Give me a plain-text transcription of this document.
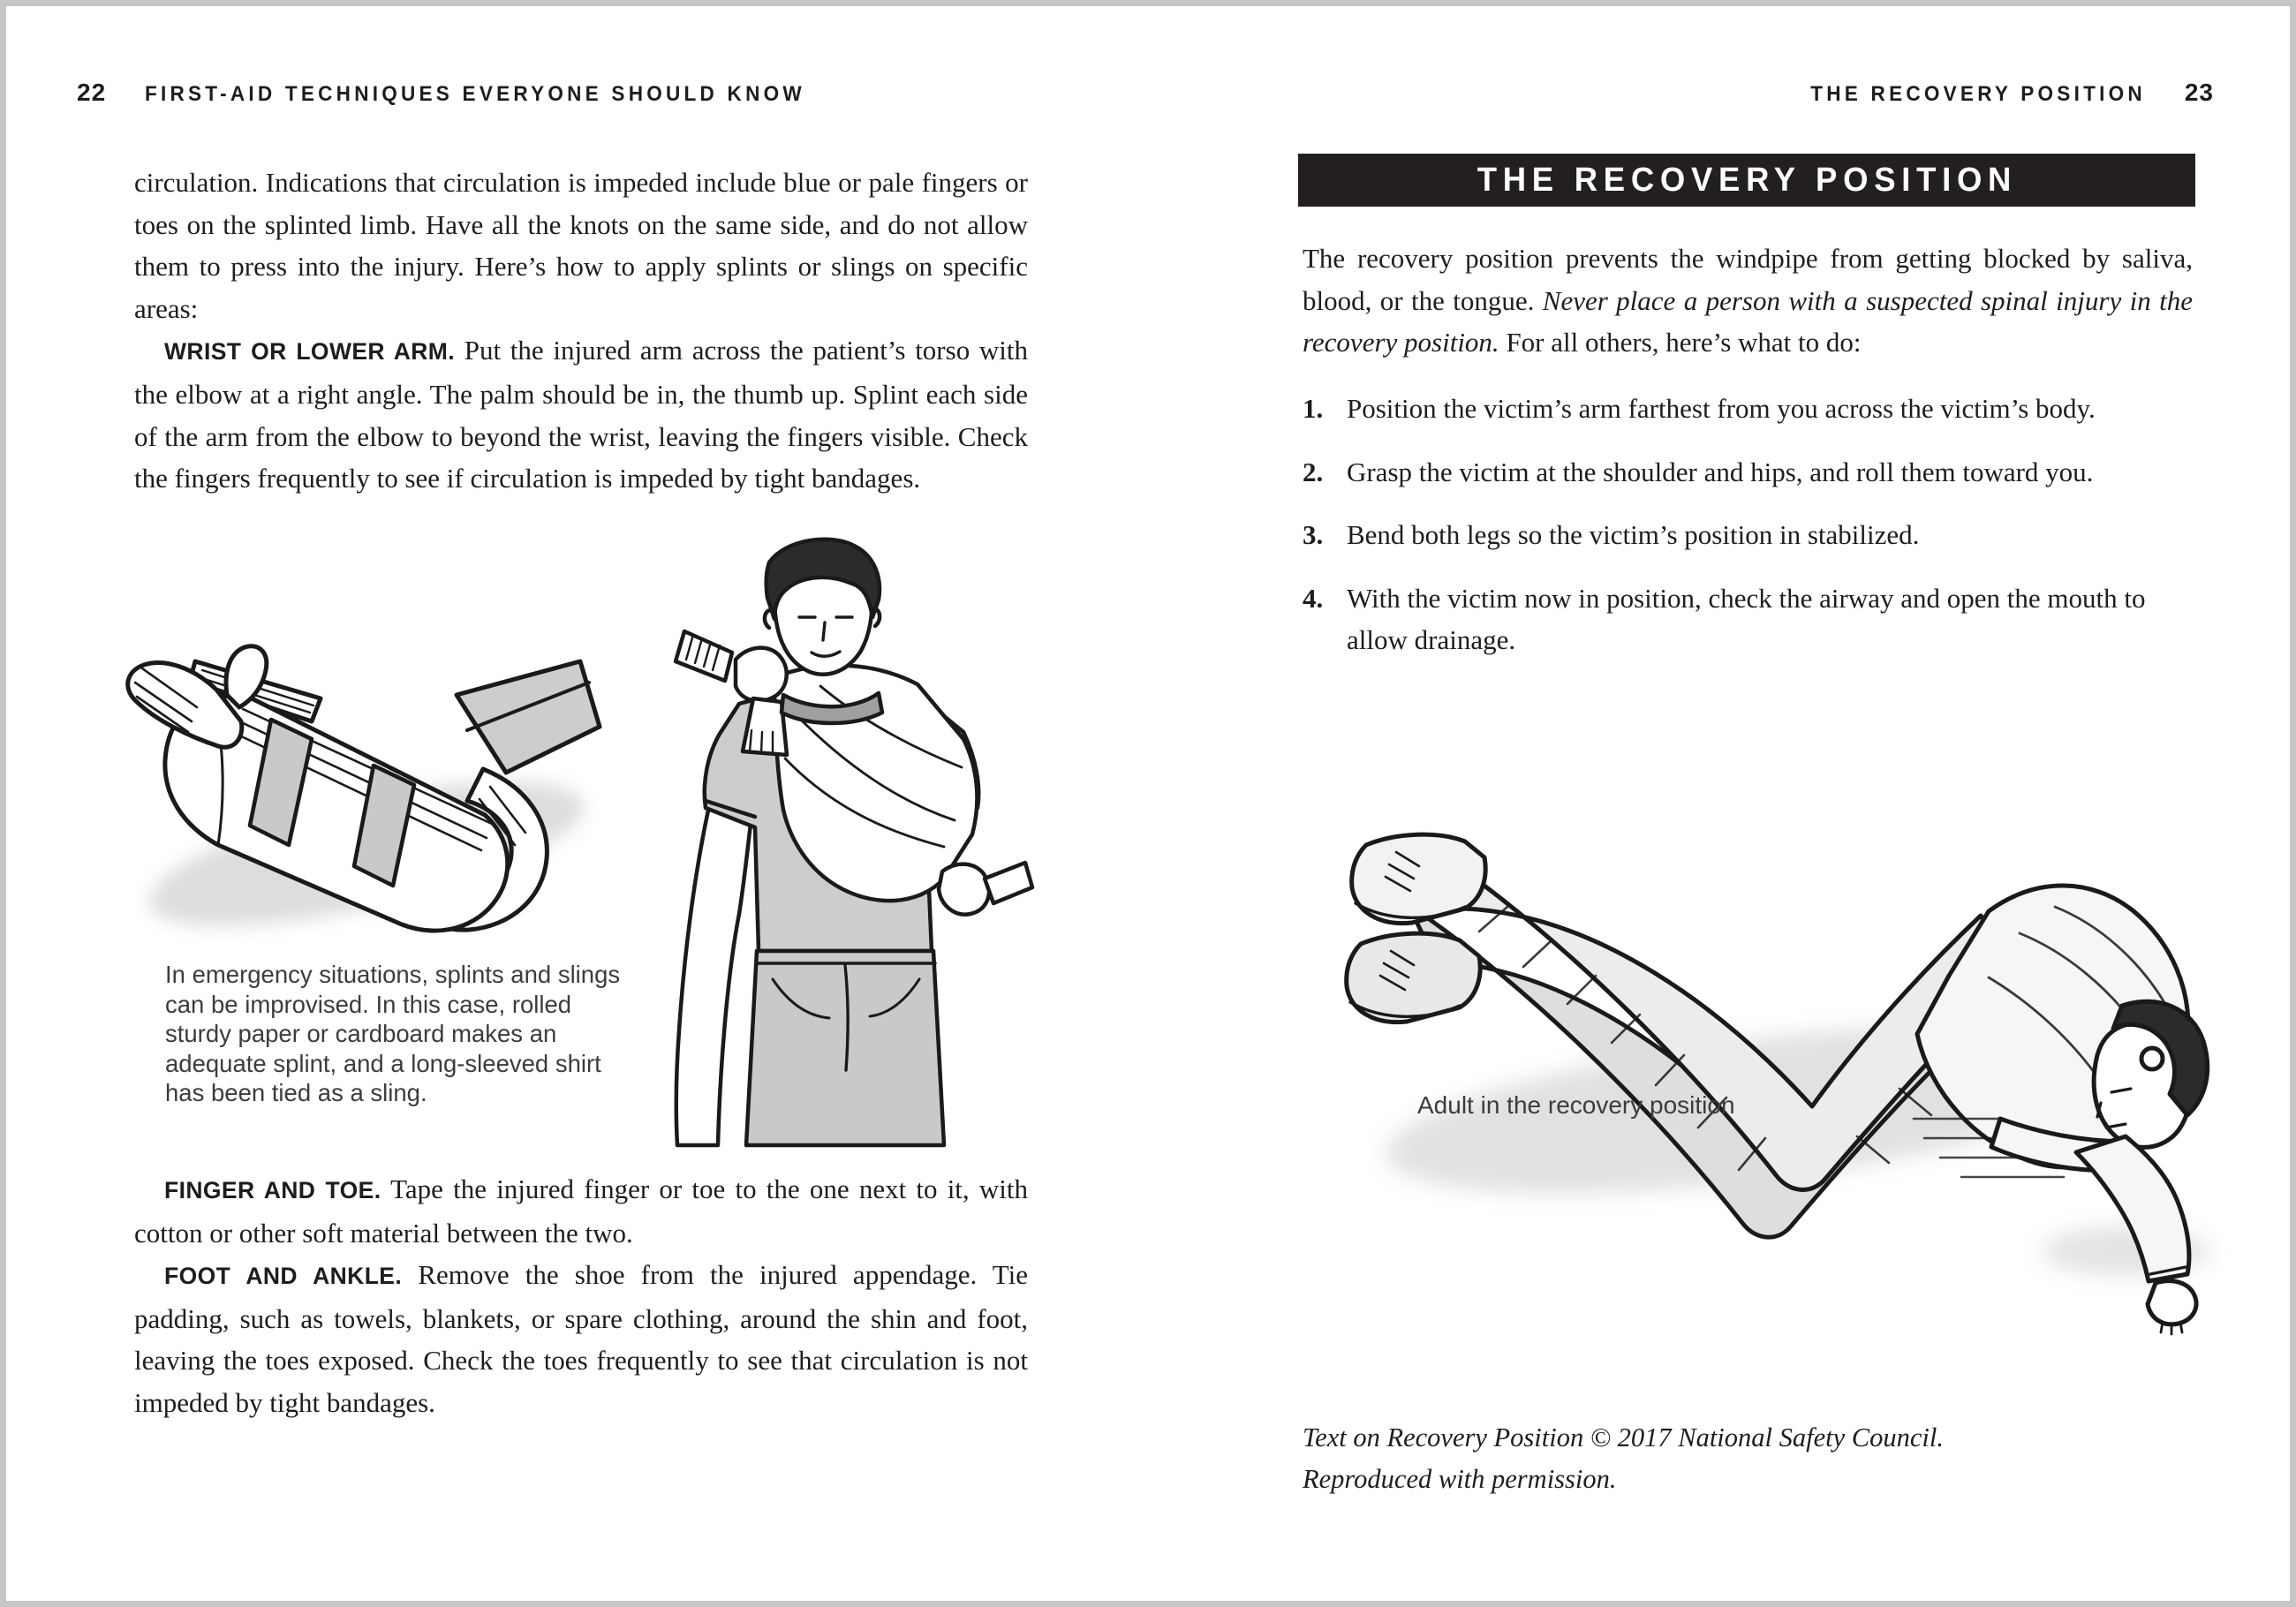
22 FIRST-AID TECHNIQUES EVERYONE SHOULD KNOW	THE RECOVERY POSITION 23

circulation. Indications that circulation is impeded include blue or pale fingers or toes on the splinted limb. Have all the knots on the same side, and do not allow them to press into the injury. Here’s how to apply splints or slings on specific areas:

WRIST OR LOWER ARM. Put the injured arm across the patient’s torso with the elbow at a right angle. The palm should be in, the thumb up. Splint each side of the arm from the elbow to beyond the wrist, leaving the fingers visible. Check the fingers frequently to see if circulation is impeded by tight bandages.

In emergency situations, splints and slings can be improvised. In this case, rolled sturdy paper or cardboard makes an adequate splint, and a long-sleeved shirt has been tied as a sling.

FINGER AND TOE. Tape the injured finger or toe to the one next to it, with cotton or other soft material between the two.

FOOT AND ANKLE. Remove the shoe from the injured appendage. Tie padding, such as towels, blankets, or spare clothing, around the shin and foot, leaving the toes exposed. Check the toes frequently to see that circulation is not impeded by tight bandages.

THE RECOVERY POSITION

The recovery position prevents the windpipe from getting blocked by saliva, blood, or the tongue. Never place a person with a suspected spinal injury in the recovery position. For all others, here’s what to do:

1. Position the victim’s arm farthest from you across the victim’s body.
2. Grasp the victim at the shoulder and hips, and roll them toward you.
3. Bend both legs so the victim’s position in stabilized.
4. With the victim now in position, check the airway and open the mouth to allow drainage.
Adult in the recovery position
Text on Recovery Position © 2017 National Safety Council.
Reproduced with permission.
